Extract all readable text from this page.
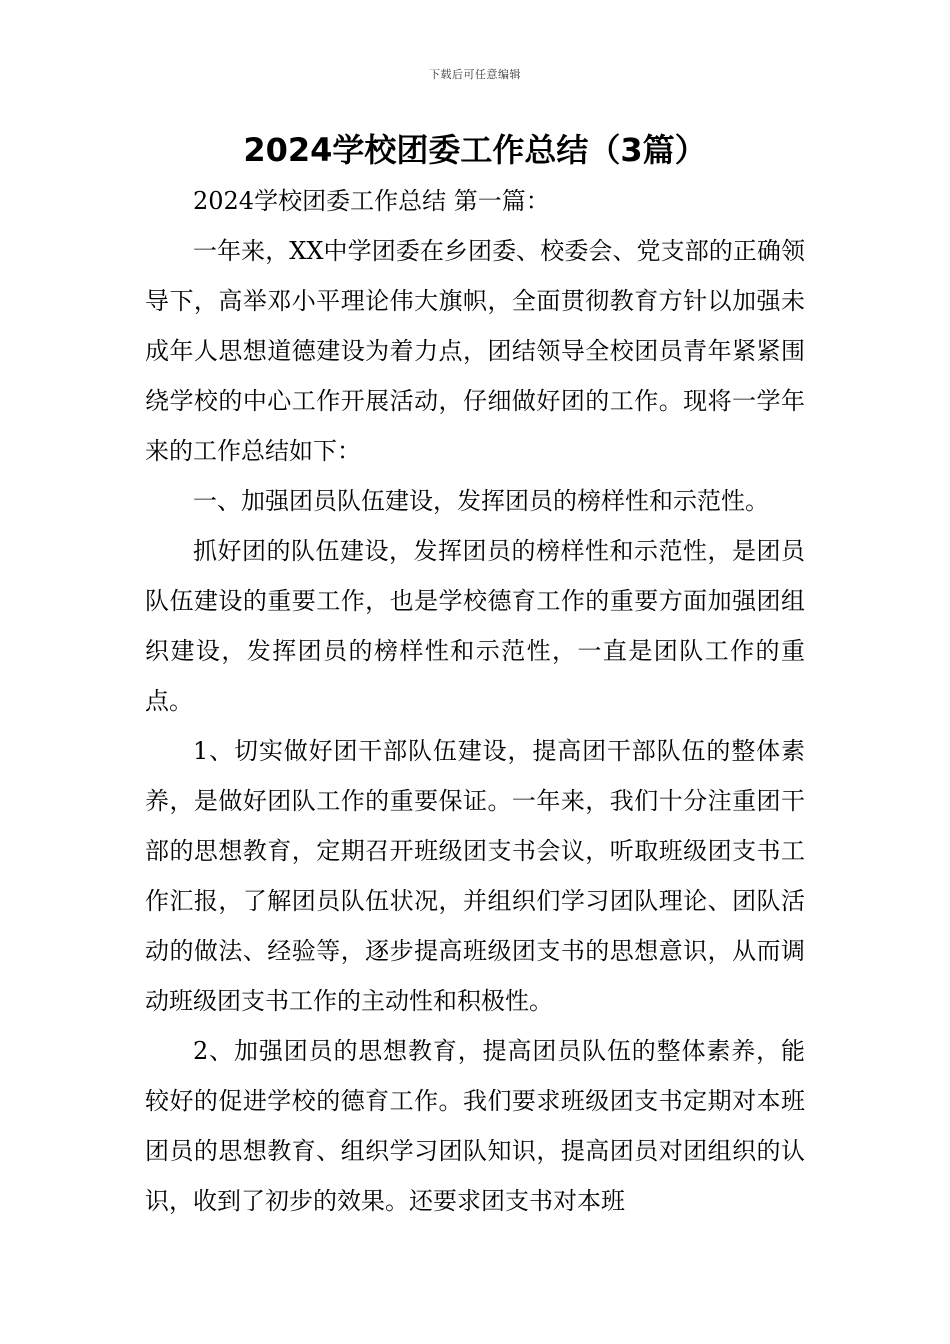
下载后可任意编辑
2024学校团委工作总结（3篇）

2024学校团委工作总结 第一篇：

一年来，XX中学团委在乡团委、校委会、党支部的正确领导下，高举邓小平理论伟大旗帜，全面贯彻教育方针以加强未成年人思想道德建设为着力点，团结领导全校团员青年紧紧围绕学校的中心工作开展活动，仔细做好团的工作。现将一学年来的工作总结如下：

一、加强团员队伍建设，发挥团员的榜样性和示范性。

抓好团的队伍建设，发挥团员的榜样性和示范性，是团员队伍建设的重要工作，也是学校德育工作的重要方面加强团组织建设，发挥团员的榜样性和示范性，一直是团队工作的重点。

1、切实做好团干部队伍建设，提高团干部队伍的整体素养，是做好团队工作的重要保证。一年来，我们十分注重团干部的思想教育，定期召开班级团支书会议，听取班级团支书工作汇报，了解团员队伍状况，并组织们学习团队理论、团队活动的做法、经验等，逐步提高班级团支书的思想意识，从而调动班级团支书工作的主动性和积极性。

2、加强团员的思想教育，提高团员队伍的整体素养，能较好的促进学校的德育工作。我们要求班级团支书定期对本班团员的思想教育、组织学习团队知识，提高团员对团组织的认识，收到了初步的效果。还要求团支书对本班
